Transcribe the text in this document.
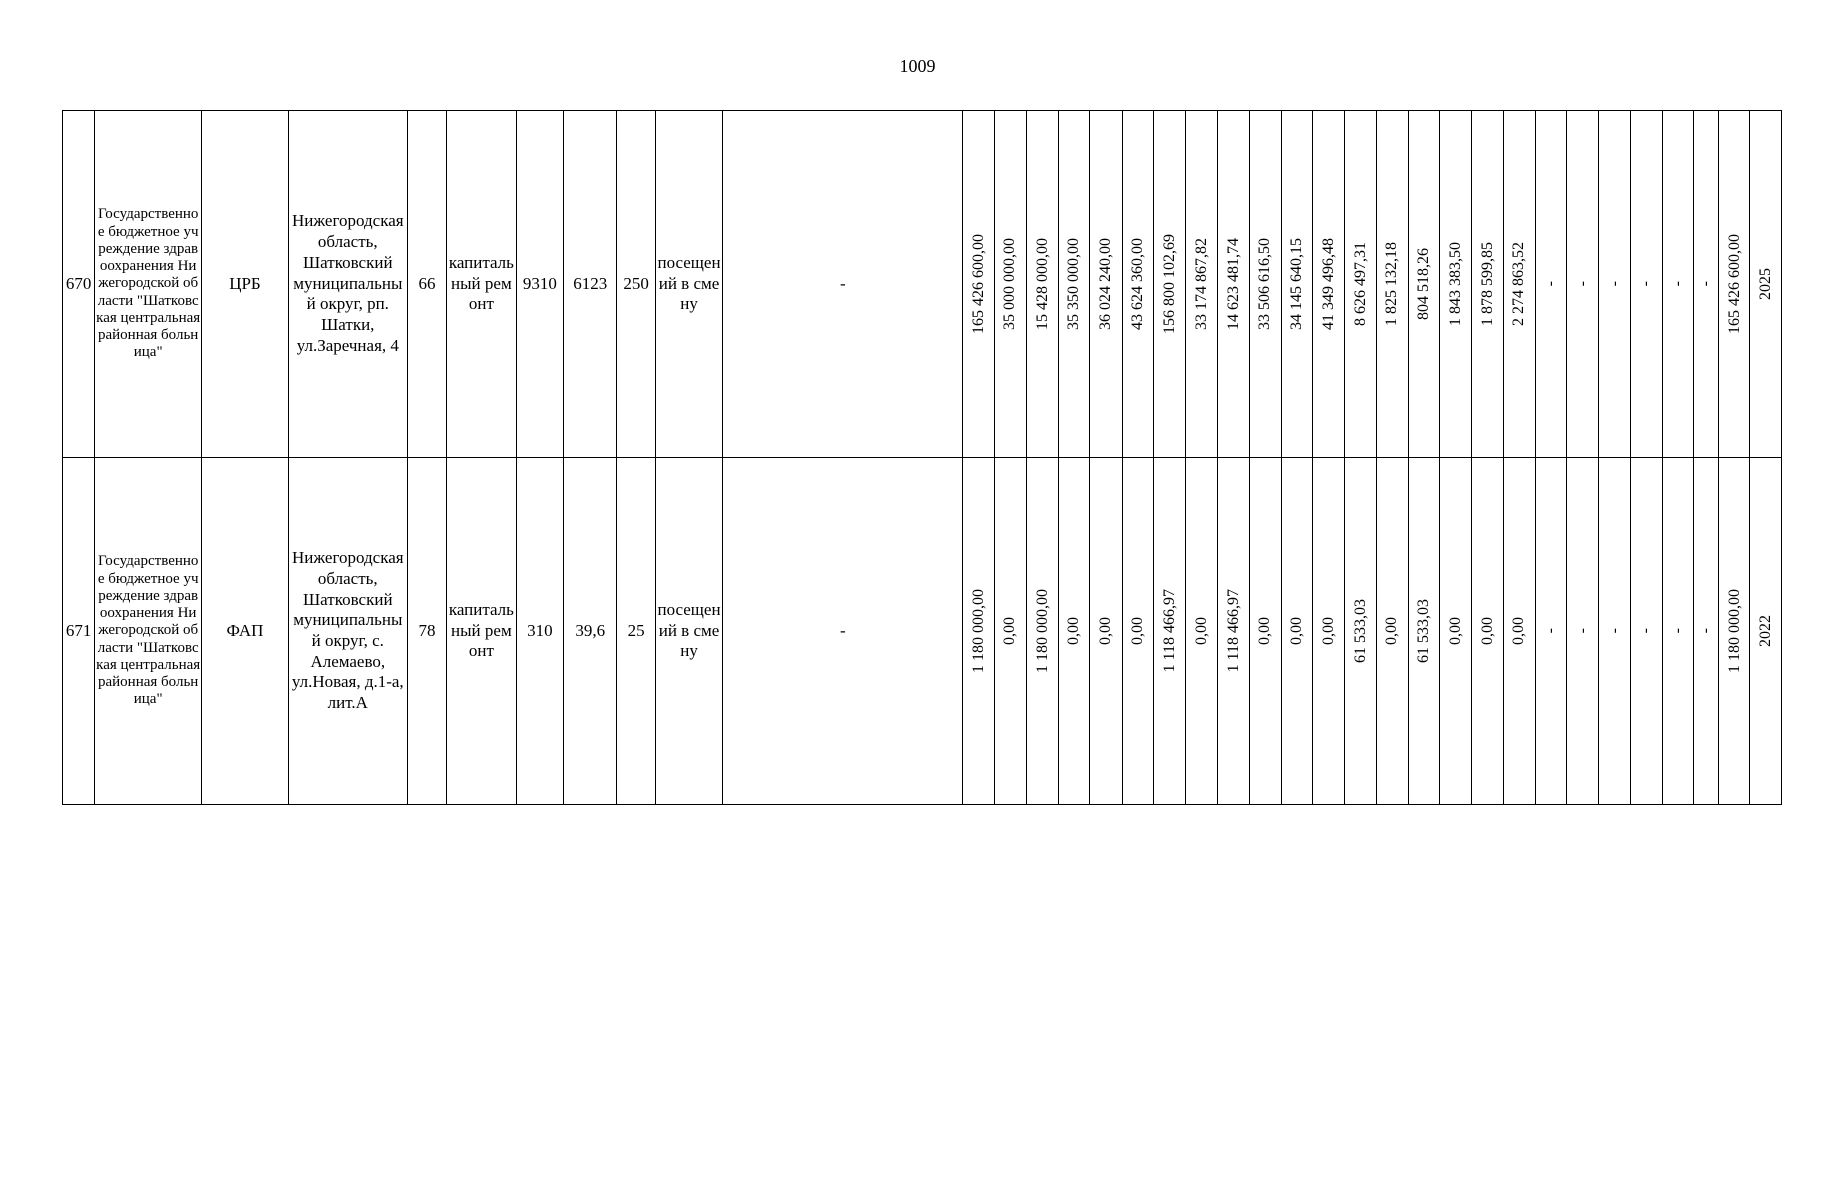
1009
670	Государственное бюджетное учреждение здравоохранения Нижегородской области "Шатковская центральная районная больница"	ЦРБ	Нижегородская область, Шатковский муниципальный округ, рп. Шатки, ул.Заречная, 4	66	капитальный ремонт	9310	6123	250	посещений в смену	-	165 426 600,00	35 000 000,00	15 428 000,00	35 350 000,00	36 024 240,00	43 624 360,00	156 800 102,69	33 174 867,82	14 623 481,74	33 506 616,50	34 145 640,15	41 349 496,48	8 626 497,31	1 825 132,18	804 518,26	1 843 383,50	1 878 599,85	2 274 863,52	-	-	-	-	-	-	165 426 600,00	2025

671	Государственное бюджетное учреждение здравоохранения Нижегородской области "Шатковская центральная районная больница"	ФАП	Нижегородская область, Шатковский муниципальный округ, с. Алемаево, ул.Новая, д.1-а, лит.А	78	капитальный ремонт	310	39,6	25	посещений в смену	-	1 180 000,00	0,00	1 180 000,00	0,00	0,00	0,00	1 118 466,97	0,00	1 118 466,97	0,00	0,00	0,00	61 533,03	0,00	61 533,03	0,00	0,00	0,00	-	-	-	-	-	-	1 180 000,00	2022
